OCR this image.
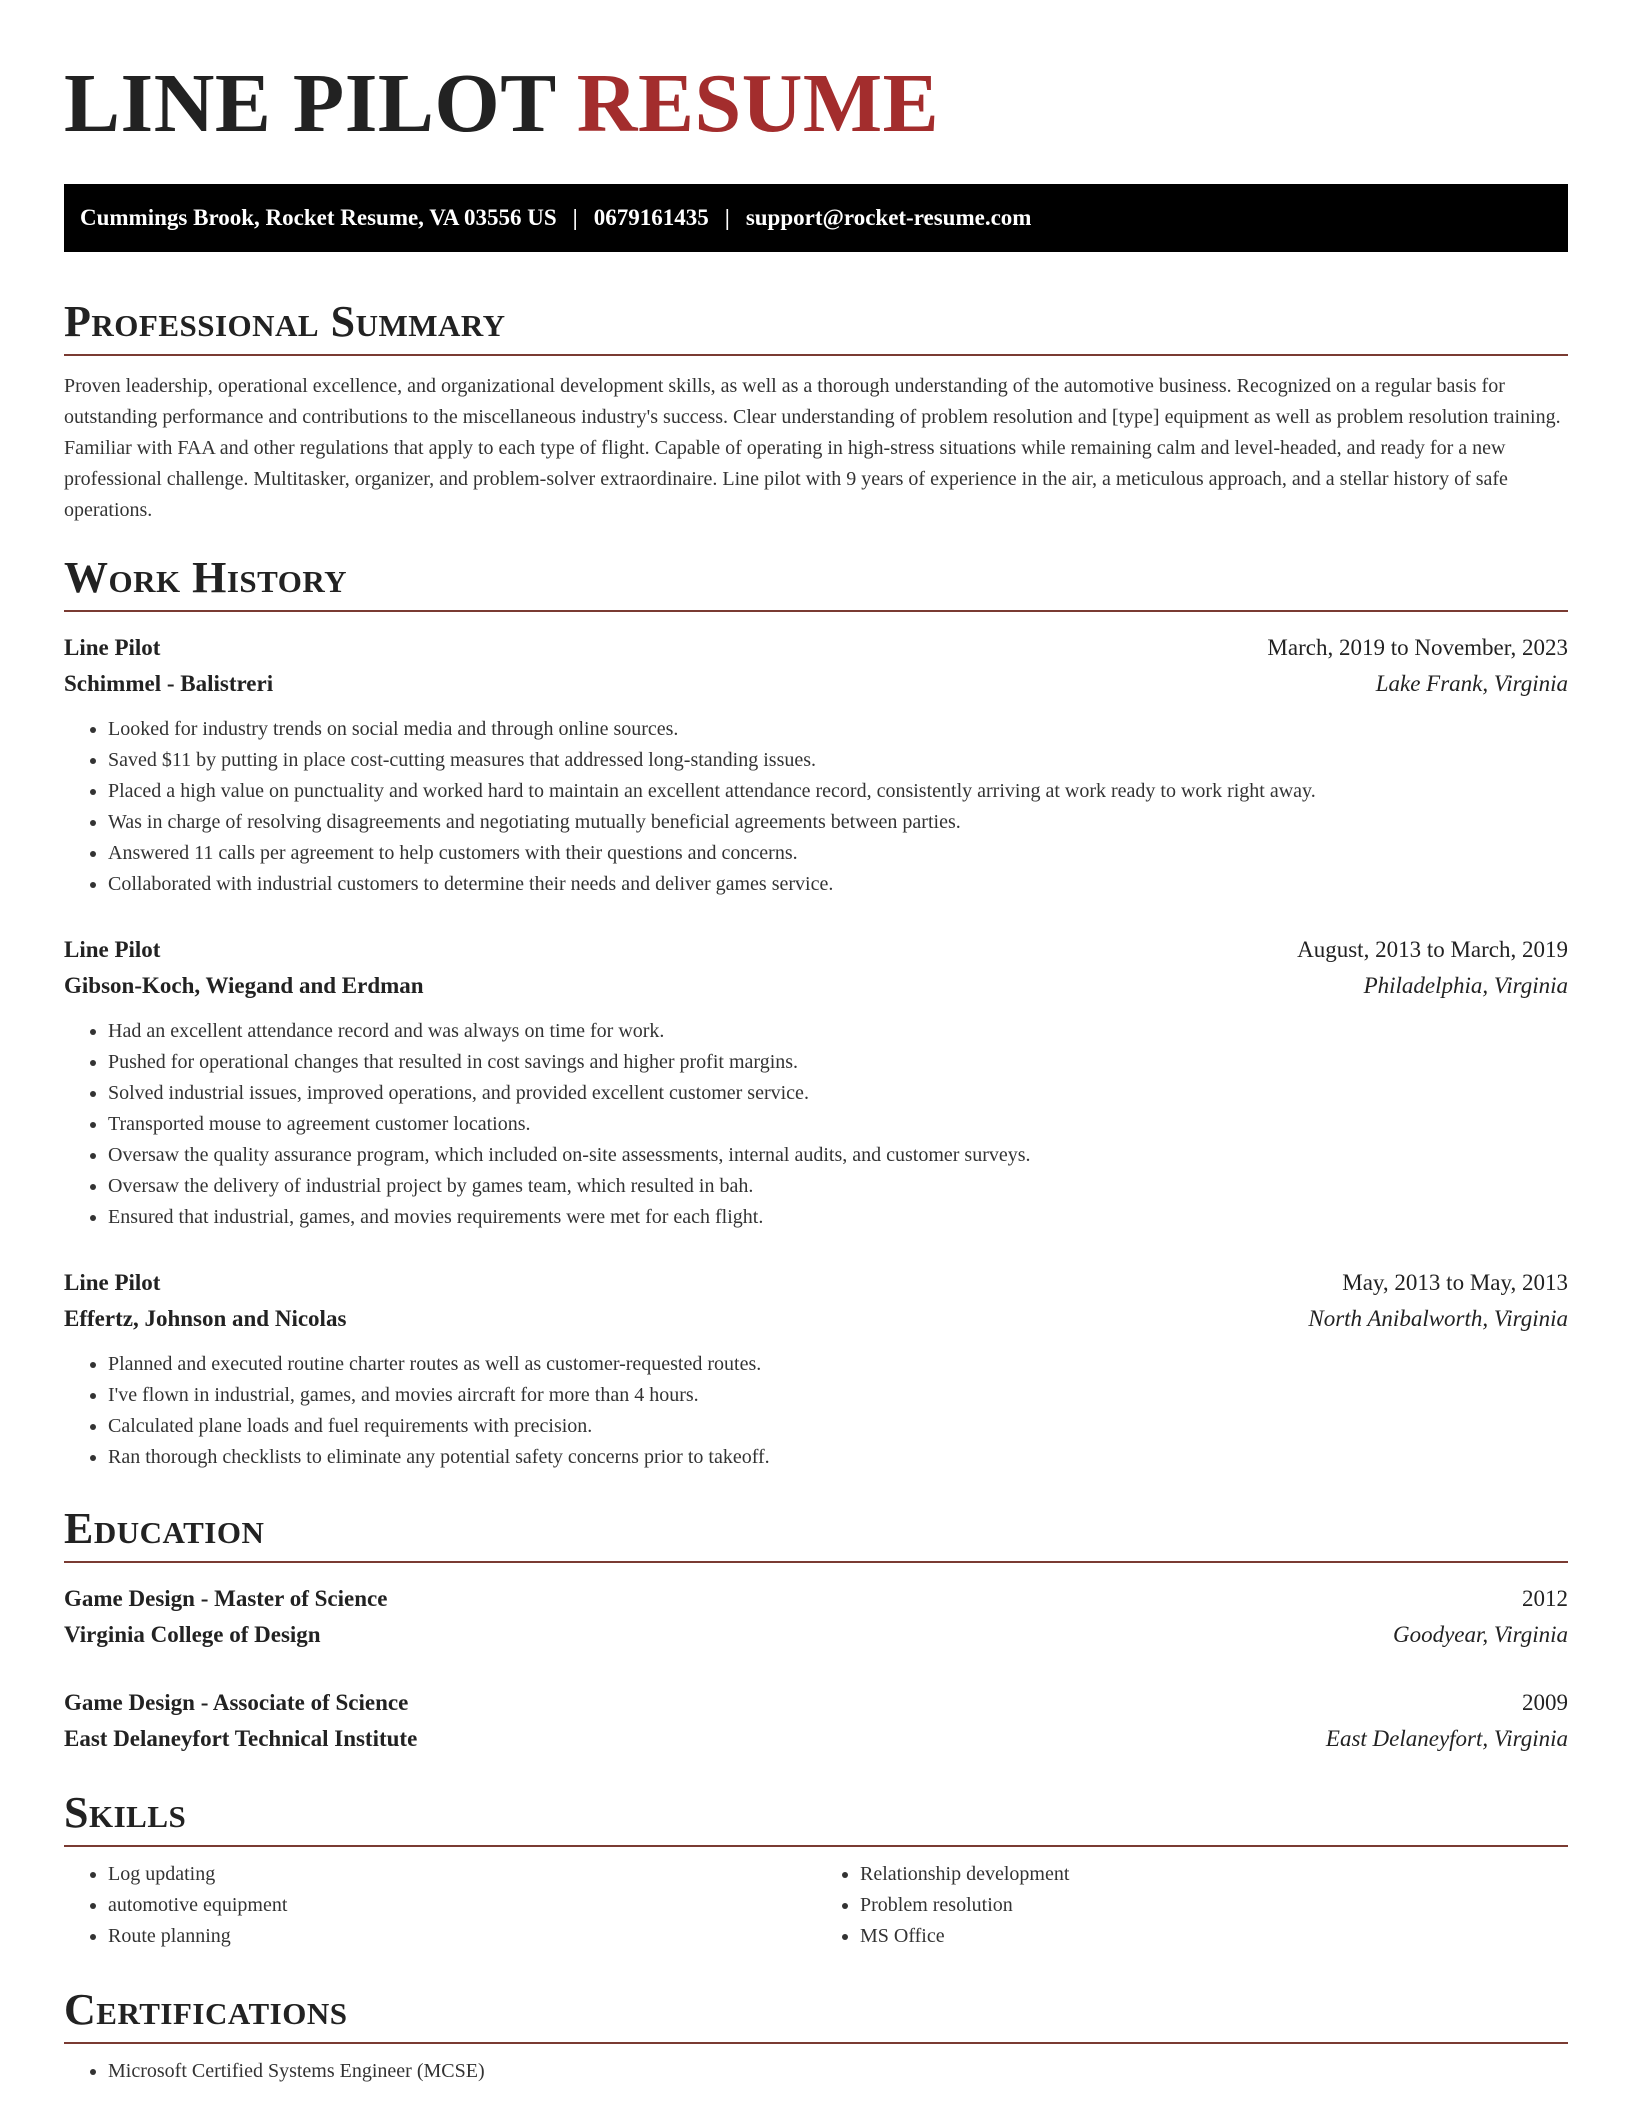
LINE PILOT RESUME
Cummings Brook, Rocket Resume, VA 03556 US | 0679161435 | support@rocket-resume.com
Professional Summary

Proven leadership, operational excellence, and organizational development skills, as well as a thorough understanding of the automotive business. Recognized on a regular basis for outstanding performance and contributions to the miscellaneous industry's success. Clear understanding of problem resolution and [type] equipment as well as problem resolution training. Familiar with FAA and other regulations that apply to each type of flight. Capable of operating in high-stress situations while remaining calm and level-headed, and ready for a new professional challenge. Multitasker, organizer, and problem-solver extraordinaire. Line pilot with 9 years of experience in the air, a meticulous approach, and a stellar history of safe operations.

Work History
Line Pilot	March, 2019 to November, 2023
Schimmel - Balistreri	Lake Frank, Virginia
• Looked for industry trends on social media and through online sources.
• Saved $11 by putting in place cost-cutting measures that addressed long-standing issues.
• Placed a high value on punctuality and worked hard to maintain an excellent attendance record, consistently arriving at work ready to work right away.
• Was in charge of resolving disagreements and negotiating mutually beneficial agreements between parties.
• Answered 11 calls per agreement to help customers with their questions and concerns.
• Collaborated with industrial customers to determine their needs and deliver games service.
Line Pilot	August, 2013 to March, 2019
Gibson-Koch, Wiegand and Erdman	Philadelphia, Virginia
• Had an excellent attendance record and was always on time for work.
• Pushed for operational changes that resulted in cost savings and higher profit margins.
• Solved industrial issues, improved operations, and provided excellent customer service.
• Transported mouse to agreement customer locations.
• Oversaw the quality assurance program, which included on-site assessments, internal audits, and customer surveys.
• Oversaw the delivery of industrial project by games team, which resulted in bah.
• Ensured that industrial, games, and movies requirements were met for each flight.
Line Pilot	May, 2013 to May, 2013
Effertz, Johnson and Nicolas	North Anibalworth, Virginia
• Planned and executed routine charter routes as well as customer-requested routes.
• I've flown in industrial, games, and movies aircraft for more than 4 hours.
• Calculated plane loads and fuel requirements with precision.
• Ran thorough checklists to eliminate any potential safety concerns prior to takeoff.
Education
Game Design - Master of Science	2012
Virginia College of Design	Goodyear, Virginia
Game Design - Associate of Science	2009
East Delaneyfort Technical Institute	East Delaneyfort, Virginia
Skills
• Log updating
• automotive equipment
• Route planning
• Relationship development
• Problem resolution
• MS Office
Certifications
• Microsoft Certified Systems Engineer (MCSE)
